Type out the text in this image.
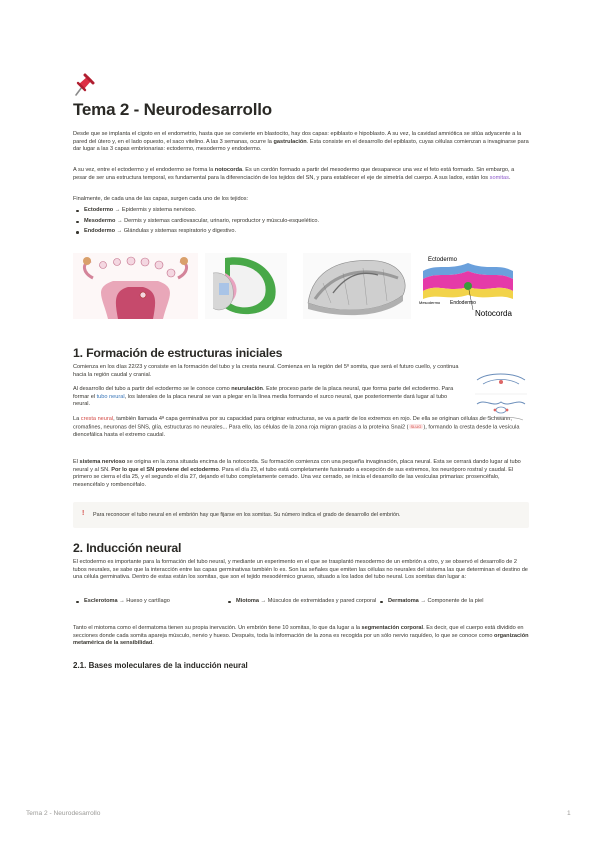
Tema 2 - Neurodesarrollo

Desde que se implanta el cigoto en el endometrio, hasta que se convierte en blastocito, hay dos capas: epiblasto e hipoblasto. A su vez, la cavidad amniótica se sitúa adyacente a la pared del útero y, en el lado opuesto, el saco vitelino. A las 3 semanas, ocurre la gastrulación. Esta consiste en el desarrollo del epiblasto, cuyas células comienzan a invaginarse para dar lugar a las 3 capas embrionarias: ectodermo, mesodermo y endodermo.

A su vez, entre el ectodermo y el endodermo se forma la notocorda. Es un cordón formado a partir del mesodermo que desaparece una vez el feto está formado. Sin embargo, a pesar de ser una estructura temporal, es fundamental para la diferenciación de los tejidos del SN, y para establecer el eje de simetría del cuerpo. A sus lados, están los somitas.

Finalmente, de cada una de las capas, surgen cada uno de los tejidos:

Ectodermo → Epidermis y sistema nervioso.
Mesodermo → Dermis y sistemas cardiovascular, urinario, reproductor y músculo-esquelético.
Endodermo → Glándulas y sistemas respiratorio y digestivo.
Ectodermo
Mesodermo Endodermo
Notocorda
1. Formación de estructuras iniciales

Comienza en los días 22/23 y consiste en la formación del tubo y la cresta neural. Comienza en la región del 5º somita, que será el futuro cuello, y continua hacia la región caudal y cranial.

Al desarrollo del tubo a partir del ectodermo se le conoce como neurulación. Este proceso parte de la placa neural, que forma parte del ectodermo. Para formar el tubo neural, los laterales de la placa neural se van a plegar en la línea media formando el surco neural, que posteriormente dará lugar al tubo neural.

La cresta neural, también llamada 4ª capa germinativa por su capacidad para originar estructuras, se va a partir de los extremos en rojo. De ella se originan células de Schwann, cromafines, neuronas del SNS, glía, estructuras no neurales... Para ello, las células de la zona roja migran gracias a la proteína Snai2 ( SLUG ), formando la cresta desde la vesícula diencefálica hasta el extremo caudal.

El sistema nervioso se origina en la zona situada encima de la notocorda. Su formación comienza con una pequeña invaginación, placa neural. Esta se cerrará dando lugar al tubo neural y al SN. Por lo que el SN proviene del ectodermo. Para el día 23, el tubo está completamente fusionado a excepción de sus extremos, los neuróporo rostral y caudal. El primero se cierra el día 25, y el segundo el día 27, dejando el tubo completamente cerrado. Una vez cerrado, se inicia el desarrollo de las vesículas primarias: prosencéfalo, mesencéfalo y rombencéfalo.

! Para reconocer el tubo neural en el embrión hay que fijarse en los somitas. Su número indica el grado de desarrollo del embrión.

2. Inducción neural

El ectodermo es importante para la formación del tubo neural, y mediante un experimento en el que se trasplantó mesodermo de un embrión a otro, y se observó el desarrollo de 2 tubos neurales, se sabe que la interacción entre las capas germinativas también lo es. Son las señales que emiten las células no neurales del sistema las que determinan el destino de una célula germinativa. Dentro de estas están los somitas, que son el tejido mesodérmico grueso, situado a los lados del tubo neural. Los somitas dan lugar a:

Esclerotoma → Hueso y cartílago	Miotoma → Músculos de extremidades y pared corporal	Dermatoma → Componente de la piel

Tanto el miotoma como el dermatoma tienen su propia inervación. Un embrión tiene 10 somitas, lo que da lugar a la segmentación corporal. Es decir, que el cuerpo está dividido en secciones donde cada somita apareja músculo, nervio y hueso. Después, toda la información de la zona es recogida por un sólo nervio raquídeo, lo que se conoce como organización metamérica de la sensibilidad.

2.1. Bases moleculares de la inducción neural
Tema 2 - Neurodesarrollo	1
